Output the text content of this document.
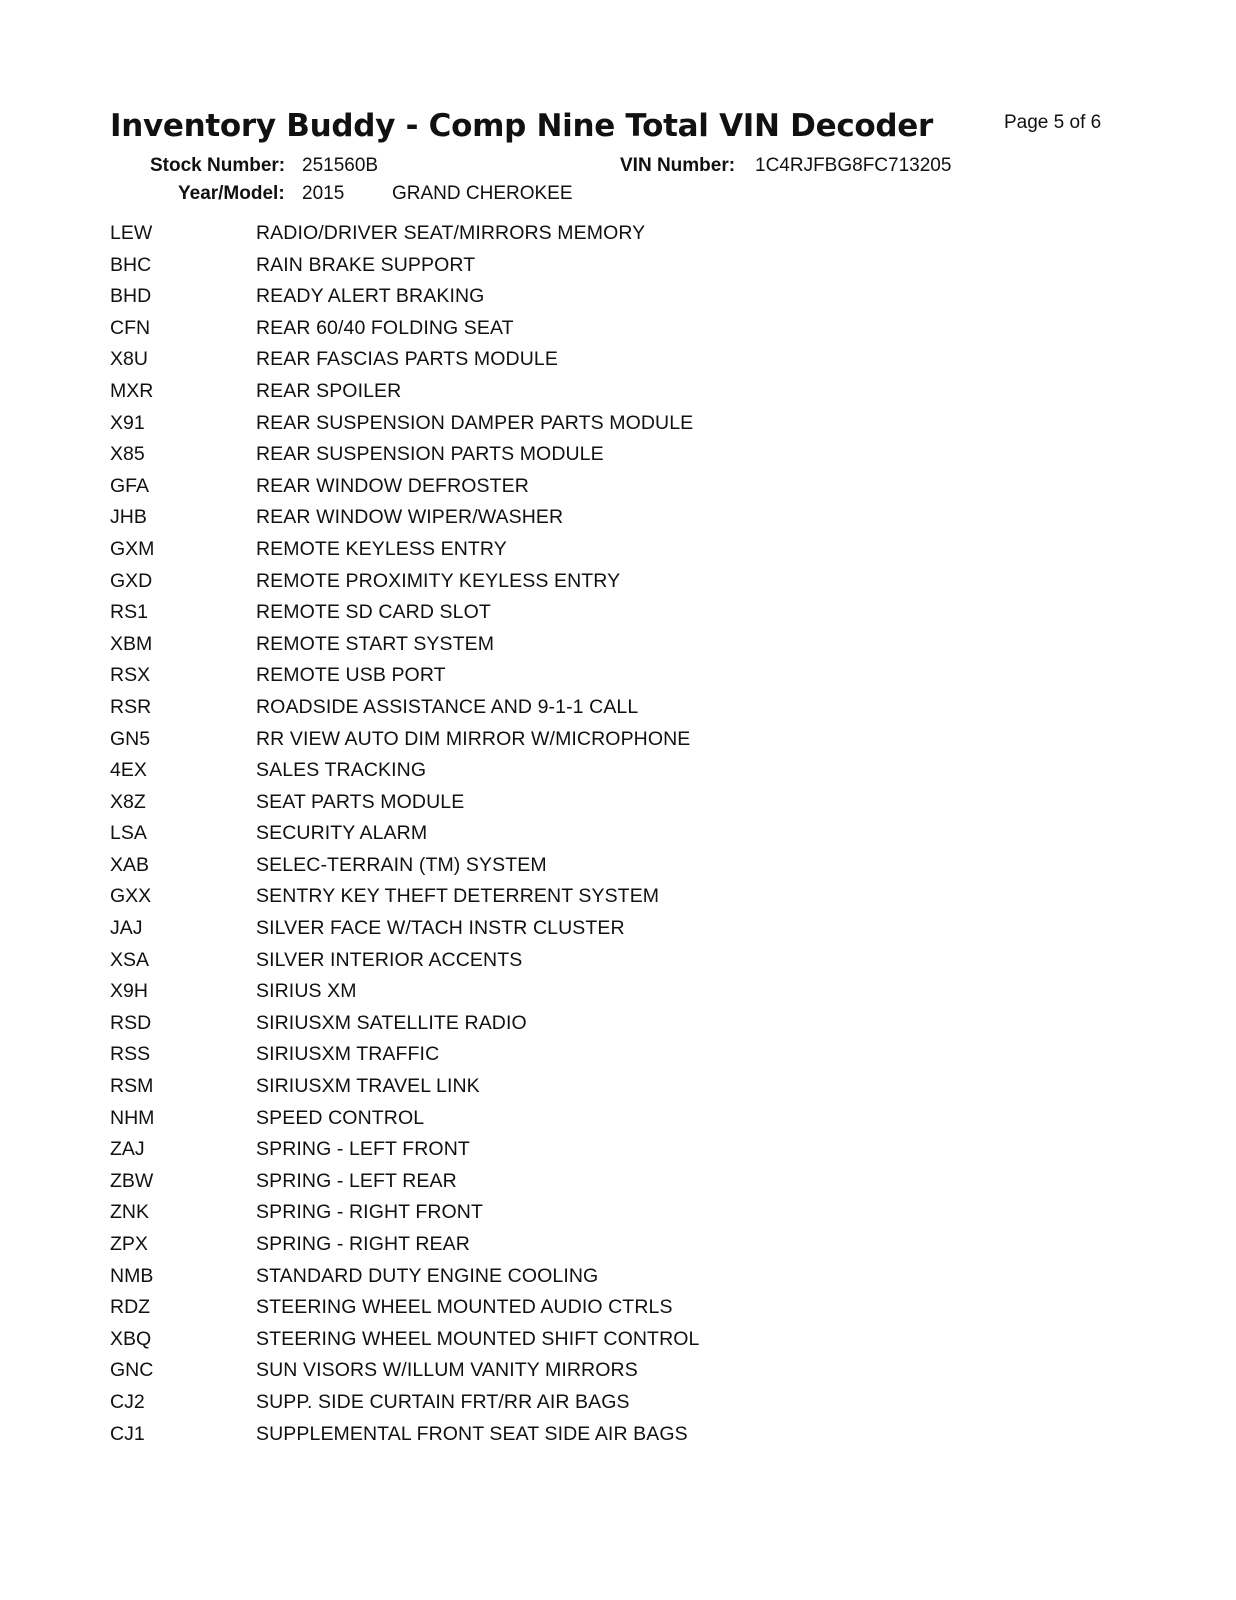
Inventory Buddy - Comp Nine Total VIN Decoder	Page 5 of 6
Stock Number: 251560B	VIN Number: 1C4RJFBG8FC713205
Year/Model: 2015	GRAND CHEROKEE
LEW	RADIO/DRIVER SEAT/MIRRORS MEMORY
BHC	RAIN BRAKE SUPPORT
BHD	READY ALERT BRAKING
CFN	REAR 60/40 FOLDING SEAT
X8U	REAR FASCIAS PARTS MODULE
MXR	REAR SPOILER
X91	REAR SUSPENSION DAMPER PARTS MODULE
X85	REAR SUSPENSION PARTS MODULE
GFA	REAR WINDOW DEFROSTER
JHB	REAR WINDOW WIPER/WASHER
GXM	REMOTE KEYLESS ENTRY
GXD	REMOTE PROXIMITY KEYLESS ENTRY
RS1	REMOTE SD CARD SLOT
XBM	REMOTE START SYSTEM
RSX	REMOTE USB PORT
RSR	ROADSIDE ASSISTANCE AND 9-1-1 CALL
GN5	RR VIEW AUTO DIM MIRROR W/MICROPHONE
4EX	SALES TRACKING
X8Z	SEAT PARTS MODULE
LSA	SECURITY ALARM
XAB	SELEC-TERRAIN (TM) SYSTEM
GXX	SENTRY KEY THEFT DETERRENT SYSTEM
JAJ	SILVER FACE W/TACH INSTR CLUSTER
XSA	SILVER INTERIOR ACCENTS
X9H	SIRIUS XM
RSD	SIRIUSXM SATELLITE RADIO
RSS	SIRIUSXM TRAFFIC
RSM	SIRIUSXM TRAVEL LINK
NHM	SPEED CONTROL
ZAJ	SPRING - LEFT FRONT
ZBW	SPRING - LEFT REAR
ZNK	SPRING - RIGHT FRONT
ZPX	SPRING - RIGHT REAR
NMB	STANDARD DUTY ENGINE COOLING
RDZ	STEERING WHEEL MOUNTED AUDIO CTRLS
XBQ	STEERING WHEEL MOUNTED SHIFT CONTROL
GNC	SUN VISORS W/ILLUM VANITY MIRRORS
CJ2	SUPP. SIDE CURTAIN FRT/RR AIR BAGS
CJ1	SUPPLEMENTAL FRONT SEAT SIDE AIR BAGS
